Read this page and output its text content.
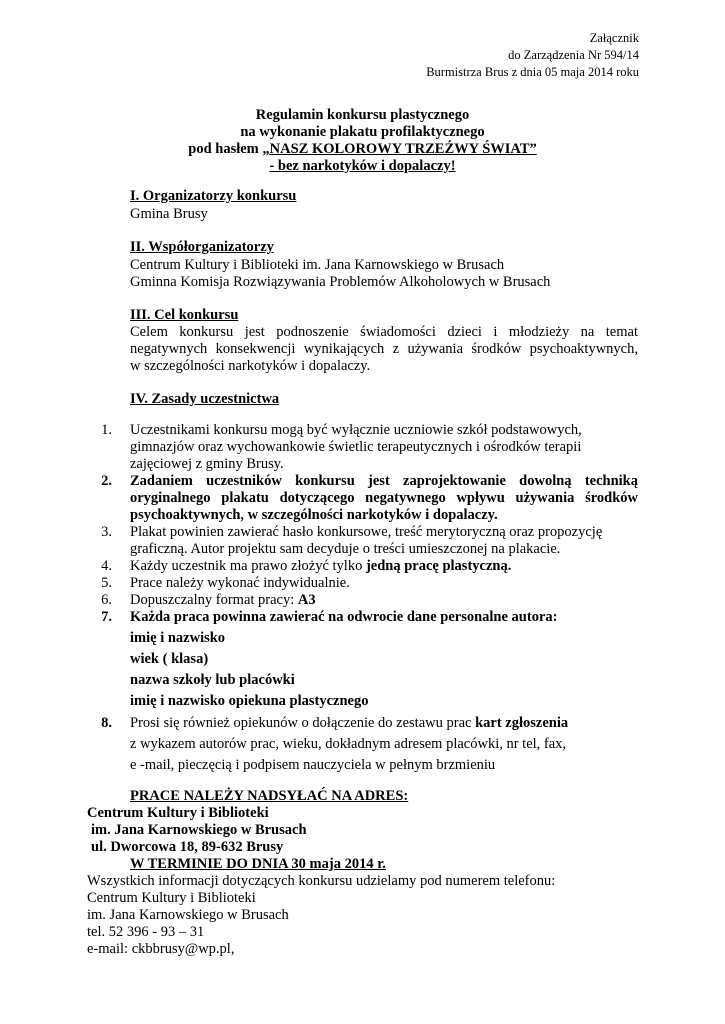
Załącznik
do Zarządzenia Nr 594/14
Burmistrza Brus z dnia 05 maja 2014 roku
Regulamin konkursu plastycznego
na wykonanie plakatu profilaktycznego
pod hasłem „NASZ KOLOROWY TRZEŹWY ŚWIAT”
- bez narkotyków i dopalaczy!
I. Organizatorzy konkursu
Gmina Brusy
II. Współorganizatorzy
Centrum Kultury i Biblioteki im. Jana Karnowskiego w Brusach
Gminna Komisja Rozwiązywania Problemów Alkoholowych w Brusach
III. Cel konkursu
Celem konkursu jest podnoszenie świadomości dzieci i młodzieży na temat
negatywnych konsekwencji wynikających z używania środków psychoaktywnych,
w szczególności narkotyków i dopalaczy.
IV. Zasady uczestnictwa
1. Uczestnikami konkursu mogą być wyłącznie uczniowie szkół podstawowych,
gimnazjów oraz wychowankowie świetlic terapeutycznych i ośrodków terapii
zajęciowej z gminy Brusy.
2. Zadaniem uczestników konkursu jest zaprojektowanie dowolną techniką
oryginalnego plakatu dotyczącego negatywnego wpływu używania środków
psychoaktywnych, w szczególności narkotyków i dopalaczy.
3. Plakat powinien zawierać hasło konkursowe, treść merytoryczną oraz propozycję
graficzną. Autor projektu sam decyduje o treści umieszczonej na plakacie.
4. Każdy uczestnik ma prawo złożyć tylko jedną pracę plastyczną.
5. Prace należy wykonać indywidualnie.
6. Dopuszczalny format pracy: A3
7. Każda praca powinna zawierać na odwrocie dane personalne autora:
imię i nazwisko
wiek ( klasa)
nazwa szkoły lub placówki
imię i nazwisko opiekuna plastycznego
8. Prosi się również opiekunów o dołączenie do zestawu prac kart zgłoszenia
z wykazem autorów prac, wieku, dokładnym adresem placówki, nr tel, fax,
e -mail, pieczęcią i podpisem nauczyciela w pełnym brzmieniu
PRACE NALEŻY NADSYŁAĆ NA ADRES:
Centrum Kultury i Biblioteki
im. Jana Karnowskiego w Brusach
ul. Dworcowa 18, 89-632 Brusy
W TERMINIE DO DNIA 30 maja 2014 r.
Wszystkich informacji dotyczących konkursu udzielamy pod numerem telefonu:
Centrum Kultury i Biblioteki
im. Jana Karnowskiego w Brusach
tel. 52 396 - 93 – 31
e-mail: ckbbrusy@wp.pl,
